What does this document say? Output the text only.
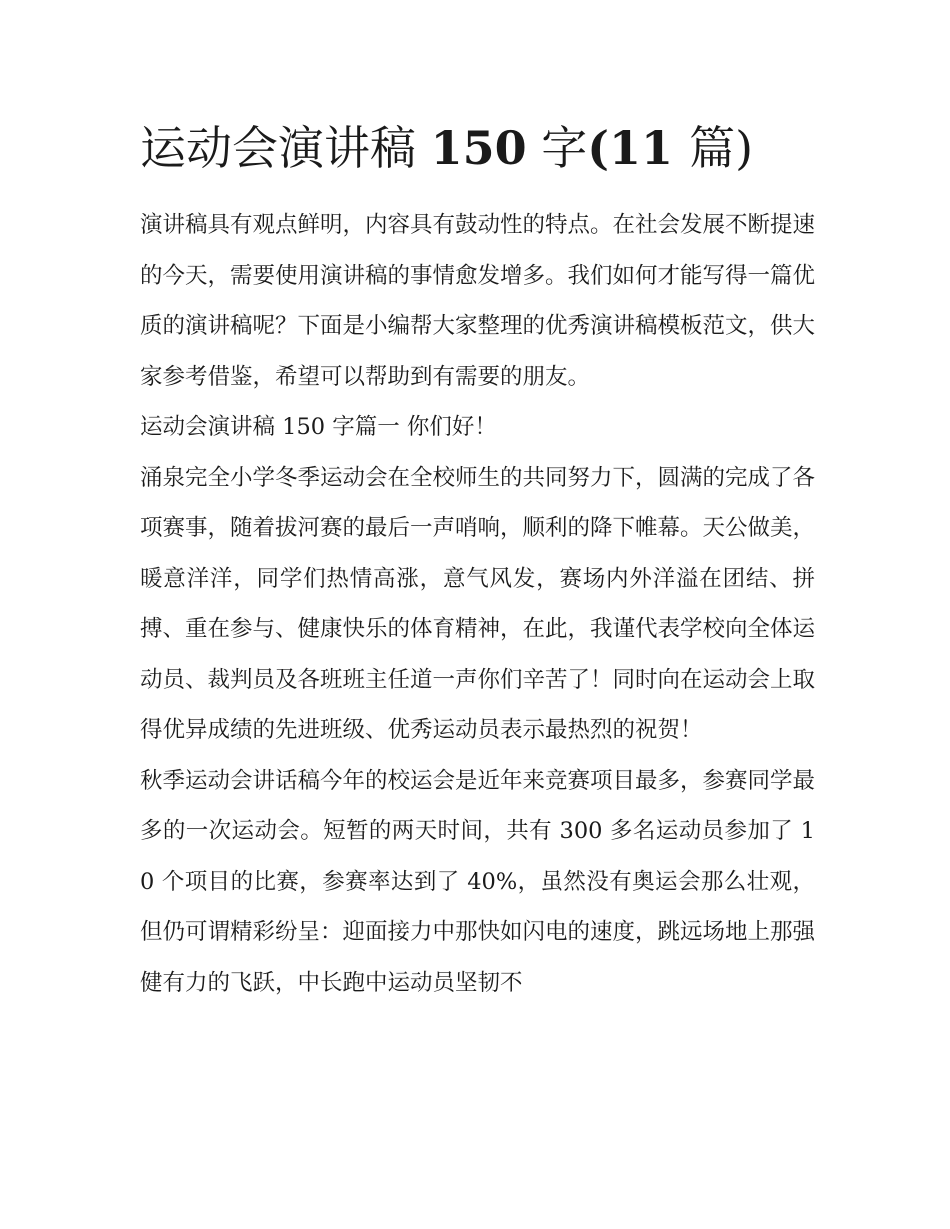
运动会演讲稿 150 字(11 篇)

演讲稿具有观点鲜明，内容具有鼓动性的特点。在社会发展不断提速的今天，需要使用演讲稿的事情愈发增多。我们如何才能写得一篇优质的演讲稿呢？下面是小编帮大家整理的优秀演讲稿模板范文，供大家参考借鉴，希望可以帮助到有需要的朋友。

运动会演讲稿 150 字篇一 你们好！

涌泉完全小学冬季运动会在全校师生的共同努力下，圆满的完成了各项赛事，随着拔河赛的最后一声哨响，顺利的降下帷幕。天公做美，暖意洋洋，同学们热情高涨，意气风发，赛场内外洋溢在团结、拼搏、重在参与、健康快乐的体育精神，在此，我谨代表学校向全体运动员、裁判员及各班班主任道一声你们辛苦了！同时向在运动会上取得优异成绩的先进班级、优秀运动员表示最热烈的祝贺！

秋季运动会讲话稿今年的校运会是近年来竞赛项目最多，参赛同学最多的一次运动会。短暂的两天时间，共有 300 多名运动员参加了 10 个项目的比赛，参赛率达到了 40%，虽然没有奥运会那么壮观，但仍可谓精彩纷呈：迎面接力中那快如闪电的速度，跳远场地上那强健有力的飞跃，中长跑中运动员坚韧不
